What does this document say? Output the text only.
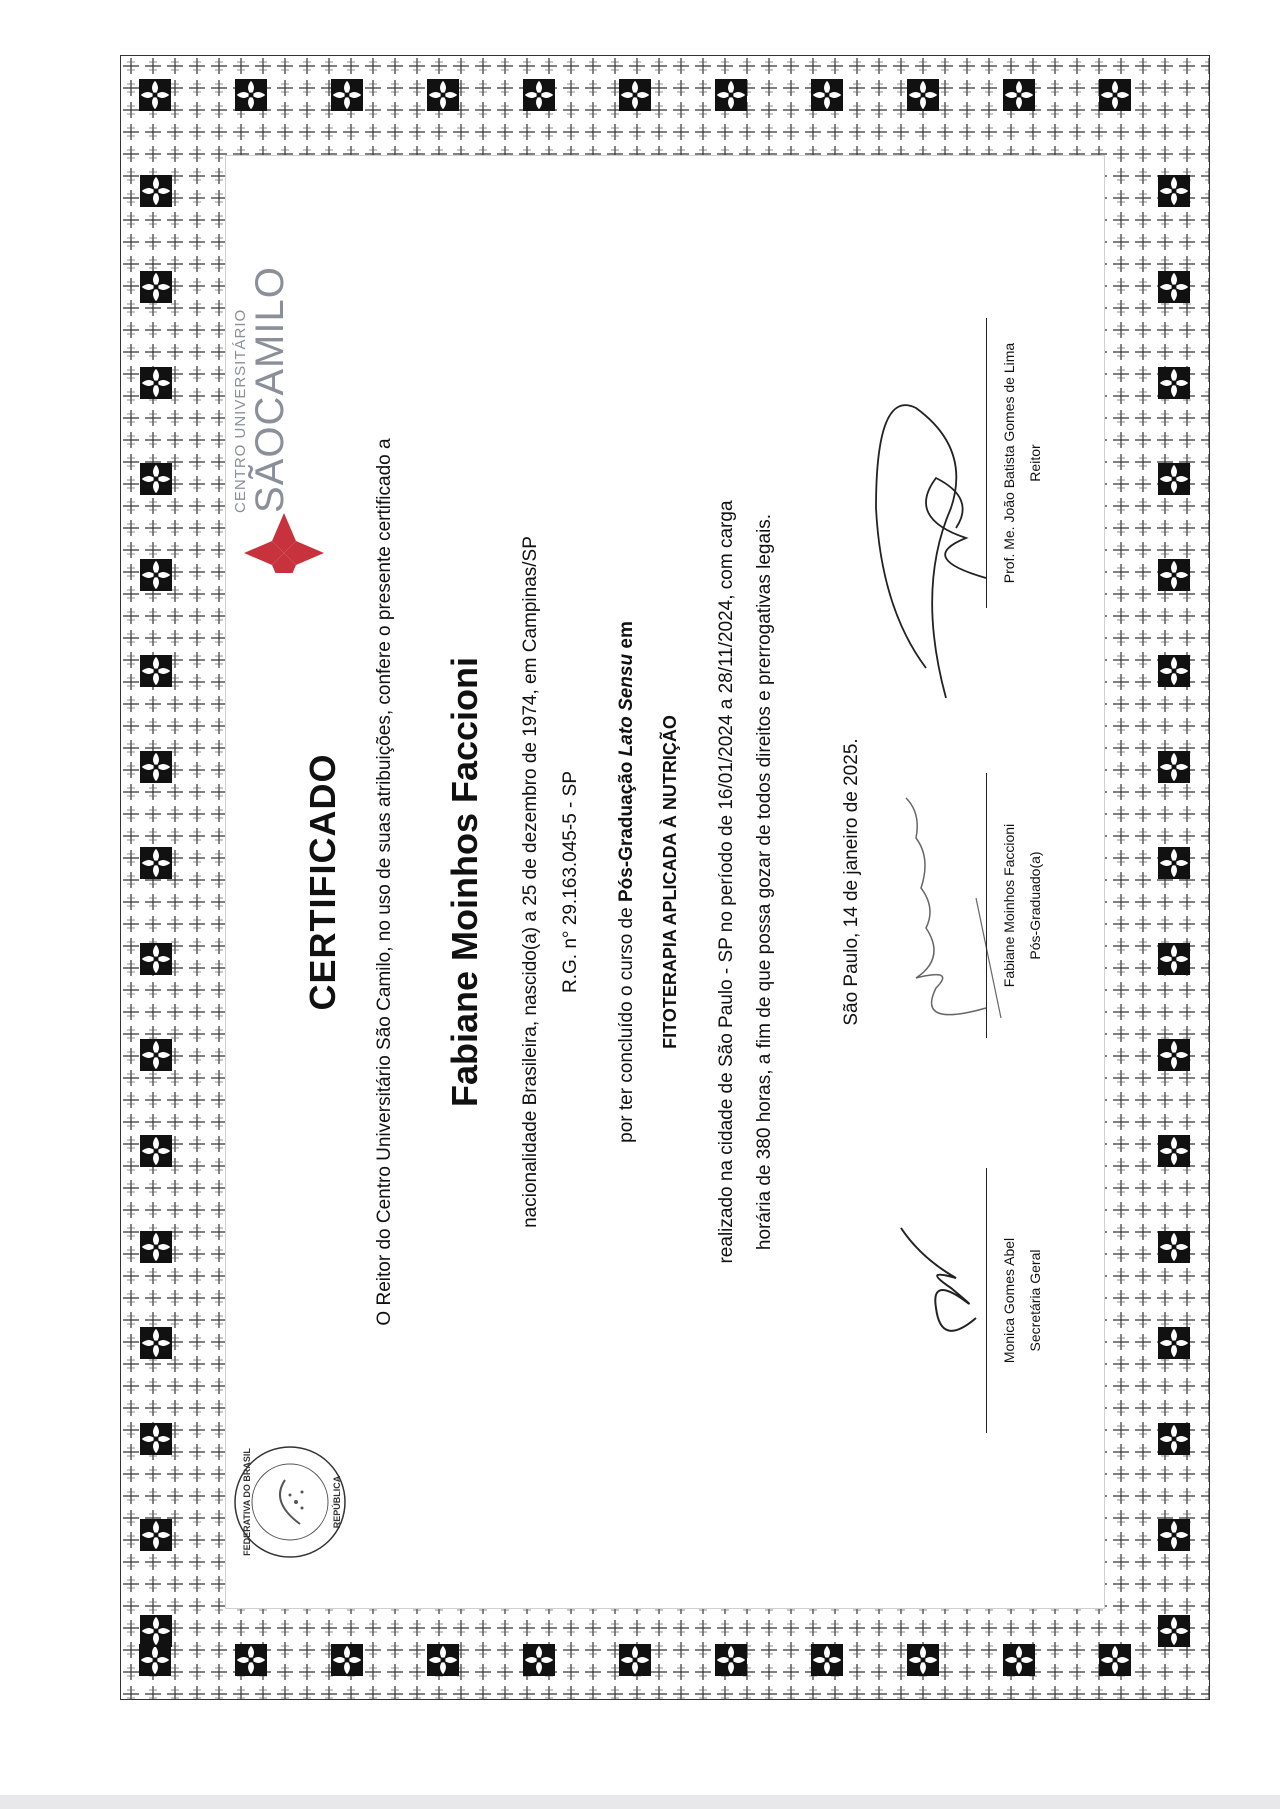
FEDERATIVA DO BRASIL	REPÚBLICA
CENTRO UNIVERSITÁRIO SÃOCAMILO
CERTIFICADO O Reitor do Centro Universitário São Camilo, no uso de suas atribuições, confere o presente certificado a Fabiane Moinhos Faccioni nacionalidade Brasileira, nascido(a) a 25 de dezembro de 1974, em Campinas/SP R.G. n° 29.163.045-5 - SP
por ter concluído o curso de Pós-Graduação Lato Sensu em
FITOTERAPIA APLICADA À NUTRIÇÃO realizado na cidade de São Paulo - SP no período de 16/01/2024 a 28/11/2024, com carga horária de 380 horas, a fim de que possa gozar de todos direitos e prerrogativas legais.	São Paulo, 14 de janeiro de 2025.
Monica Gomes Abel Secretária Geral
Fabiane Moinhos Faccioni Pós-Graduado(a)
Prof. Me. João Batista Gomes de Lima Reitor
